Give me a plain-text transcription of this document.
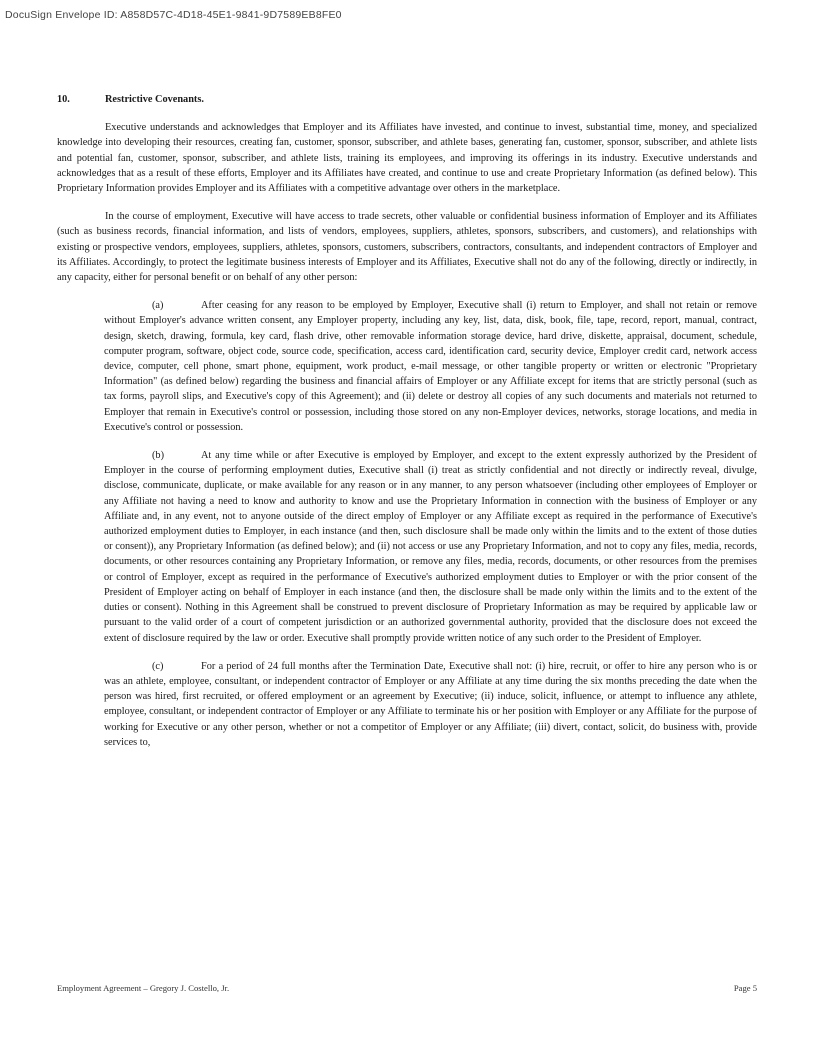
DocuSign Envelope ID: A858D57C-4D18-45E1-9841-9D7589EB8FE0
10.	Restrictive Covenants.

Executive understands and acknowledges that Employer and its Affiliates have invested, and continue to invest, substantial time, money, and specialized knowledge into developing their resources, creating fan, customer, sponsor, subscriber, and athlete bases, generating fan, customer, sponsor, subscriber, and athlete lists and potential fan, customer, sponsor, subscriber, and athlete lists, training its employees, and improving its offerings in its industry. Executive understands and acknowledges that as a result of these efforts, Employer and its Affiliates have created, and continue to use and create Proprietary Information (as defined below). This Proprietary Information provides Employer and its Affiliates with a competitive advantage over others in the marketplace.

In the course of employment, Executive will have access to trade secrets, other valuable or confidential business information of Employer and its Affiliates (such as business records, financial information, and lists of vendors, employees, suppliers, athletes, sponsors, subscribers, and customers), and relationships with existing or prospective vendors, employees, suppliers, athletes, sponsors, customers, subscribers, contractors, consultants, and independent contractors of Employer and its Affiliates. Accordingly, to protect the legitimate business interests of Employer and its Affiliates, Executive shall not do any of the following, directly or indirectly, in any capacity, either for personal benefit or on behalf of any other person:

(a)	After ceasing for any reason to be employed by Employer, Executive shall (i) return to Employer, and shall not retain or remove without Employer's advance written consent, any Employer property, including any key, list, data, disk, book, file, tape, record, report, manual, contract, design, sketch, drawing, formula, key card, flash drive, other removable information storage device, hard drive, diskette, appraisal, document, schedule, computer program, software, object code, source code, specification, access card, identification card, security device, Employer credit card, network access device, computer, cell phone, smart phone, equipment, work product, e-mail message, or other tangible property or written or electronic "Proprietary Information" (as defined below) regarding the business and financial affairs of Employer or any Affiliate except for items that are strictly personal (such as tax forms, payroll slips, and Executive's copy of this Agreement); and (ii) delete or destroy all copies of any such documents and materials not returned to Employer that remain in Executive's control or possession, including those stored on any non-Employer devices, networks, storage locations, and media in Executive's control or possession.

(b)	At any time while or after Executive is employed by Employer, and except to the extent expressly authorized by the President of Employer in the course of performing employment duties, Executive shall (i) treat as strictly confidential and not directly or indirectly reveal, divulge, disclose, communicate, duplicate, or make available for any reason or in any manner, to any person whatsoever (including other employees of Employer or any Affiliate not having a need to know and authority to know and use the Proprietary Information in connection with the business of Employer or any Affiliate and, in any event, not to anyone outside of the direct employ of Employer or any Affiliate except as required in the performance of Executive's authorized employment duties to Employer, in each instance (and then, such disclosure shall be made only within the limits and to the extent of those duties or consent)), any Proprietary Information (as defined below); and (ii) not access or use any Proprietary Information, and not to copy any files, media, records, documents, or other resources containing any Proprietary Information, or remove any files, media, records, documents, or other resources from the premises or control of Employer, except as required in the performance of Executive's authorized employment duties to Employer or with the prior consent of the President of Employer acting on behalf of Employer in each instance (and then, the disclosure shall be made only within the limits and to the extent of the duties or consent). Nothing in this Agreement shall be construed to prevent disclosure of Proprietary Information as may be required by applicable law or pursuant to the valid order of a court of competent jurisdiction or an authorized governmental authority, provided that the disclosure does not exceed the extent of disclosure required by the law or order. Executive shall promptly provide written notice of any such order to the President of Employer.

(c)	For a period of 24 full months after the Termination Date, Executive shall not: (i) hire, recruit, or offer to hire any person who is or was an athlete, employee, consultant, or independent contractor of Employer or any Affiliate at any time during the six months preceding the date when the person was hired, first recruited, or offered employment or an agreement by Executive; (ii) induce, solicit, influence, or attempt to influence any athlete, employee, consultant, or independent contractor of Employer or any Affiliate to terminate his or her position with Employer or any Affiliate for the purpose of working for Executive or any other person, whether or not a competitor of Employer or any Affiliate; (iii) divert, contact, solicit, do business with, provide services to,

Employment Agreement – Gregory J. Costello, Jr.	Page 5
